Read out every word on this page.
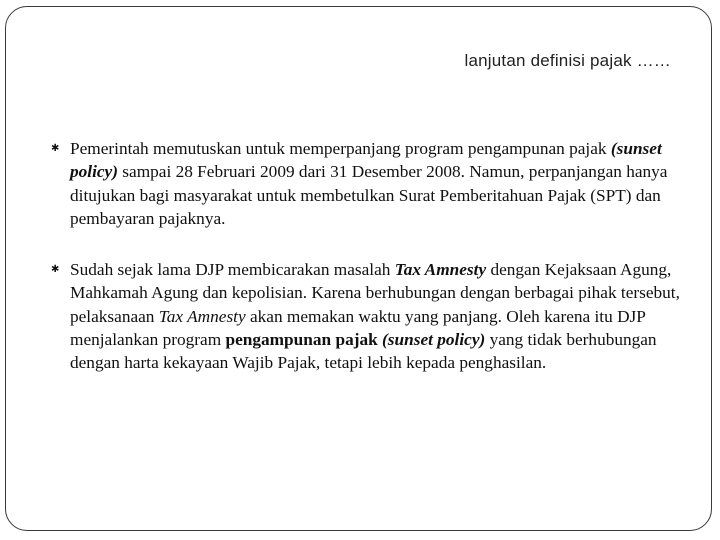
lanjutan definisi pajak ……
✱ Pemerintah memutuskan untuk memperpanjang program pengampunan pajak (sunset policy) sampai 28 Februari 2009 dari 31 Desember 2008. Namun, perpanjangan hanya ditujukan bagi masyarakat untuk membetulkan Surat Pemberitahuan Pajak (SPT) dan pembayaran pajaknya.
✱ Sudah sejak lama DJP membicarakan masalah Tax Amnesty dengan Kejaksaan Agung, Mahkamah Agung dan kepolisian. Karena berhubungan dengan berbagai pihak tersebut, pelaksanaan Tax Amnesty akan memakan waktu yang panjang. Oleh karena itu DJP menjalankan program pengampunan pajak (sunset policy) yang tidak berhubungan dengan harta kekayaan Wajib Pajak, tetapi lebih kepada penghasilan.
